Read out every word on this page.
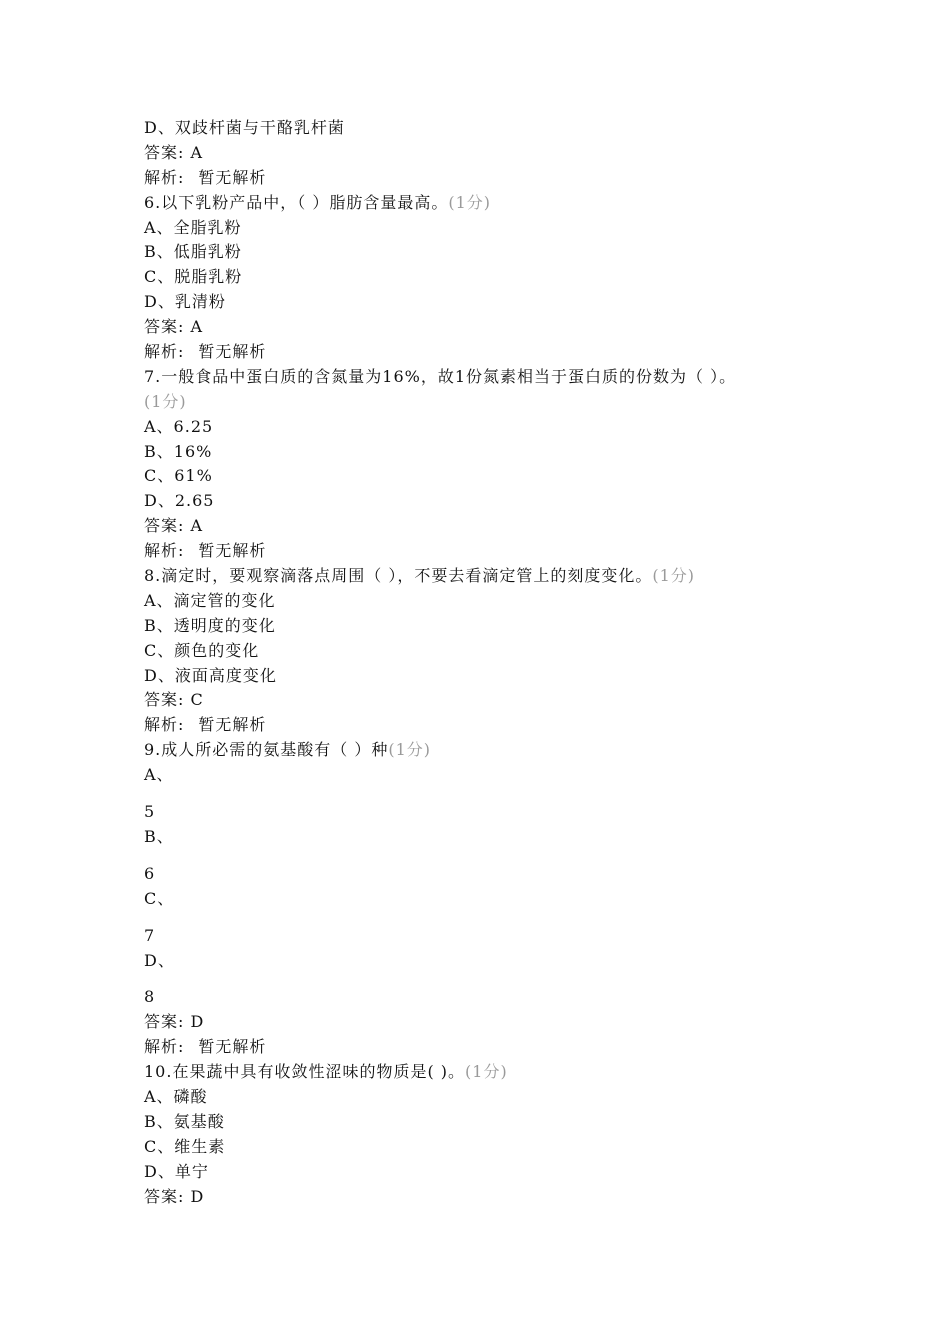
D、双歧杆菌与干酪乳杆菌
答案: A
解析: 暂无解析
6.以下乳粉产品中，（ ）脂肪含量最高。(1分)
A、全脂乳粉
B、低脂乳粉
C、脱脂乳粉
D、乳清粉
答案: A
解析: 暂无解析
7.一般食品中蛋白质的含氮量为16%，故1份氮素相当于蛋白质的份数为（ ）。
(1分)
A、6.25
B、16%
C、61%
D、2.65
答案: A
解析: 暂无解析
8.滴定时，要观察滴落点周围（ ），不要去看滴定管上的刻度变化。(1分)
A、滴定管的变化
B、透明度的变化
C、颜色的变化
D、液面高度变化
答案: C
解析: 暂无解析
9.成人所必需的氨基酸有（ ）种(1分)
A、
5
B、
6
C、
7
D、
8
答案: D
解析: 暂无解析
10.在果蔬中具有收敛性涩味的物质是( )。(1分)
A、磷酸
B、氨基酸
C、维生素
D、单宁
答案: D
